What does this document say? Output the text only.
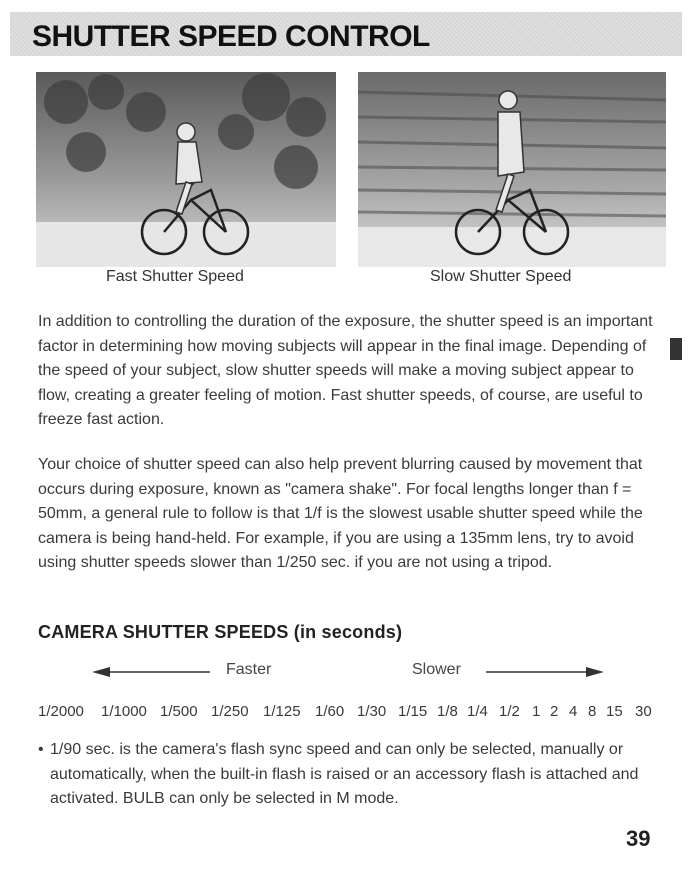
SHUTTER SPEED CONTROL
Fast Shutter Speed	Slow Shutter Speed

In addition to controlling the duration of the exposure, the shutter speed is an important factor in determining how moving subjects will appear in the final image. Depending of the speed of your subject, slow shutter speeds will make a moving subject appear to flow, creating a greater feeling of motion. Fast shutter speeds, of course, are useful to freeze fast action.

Your choice of shutter speed can also help prevent blurring caused by movement that occurs during exposure, known as "camera shake". For focal lengths longer than f = 50mm, a general rule to follow is that 1/f is the slowest usable shutter speed while the camera is being hand-held. For example, if you are using a 135mm lens, try to avoid using shutter speeds slower than 1/250 sec. if you are not using a tripod.

CAMERA SHUTTER SPEEDS (in seconds)
Faster	Slower
1/2000 1/1000 1/500 1/250 1/125 1/60 1/30 1/15 1/8 1/4 1/2 1 2 4 8 15 30
• 1/90 sec. is the camera's flash sync speed and can only be selected, manually or automatically, when the built-in flash is raised or an accessory flash is attached and activated. BULB can only be selected in M mode.

39
